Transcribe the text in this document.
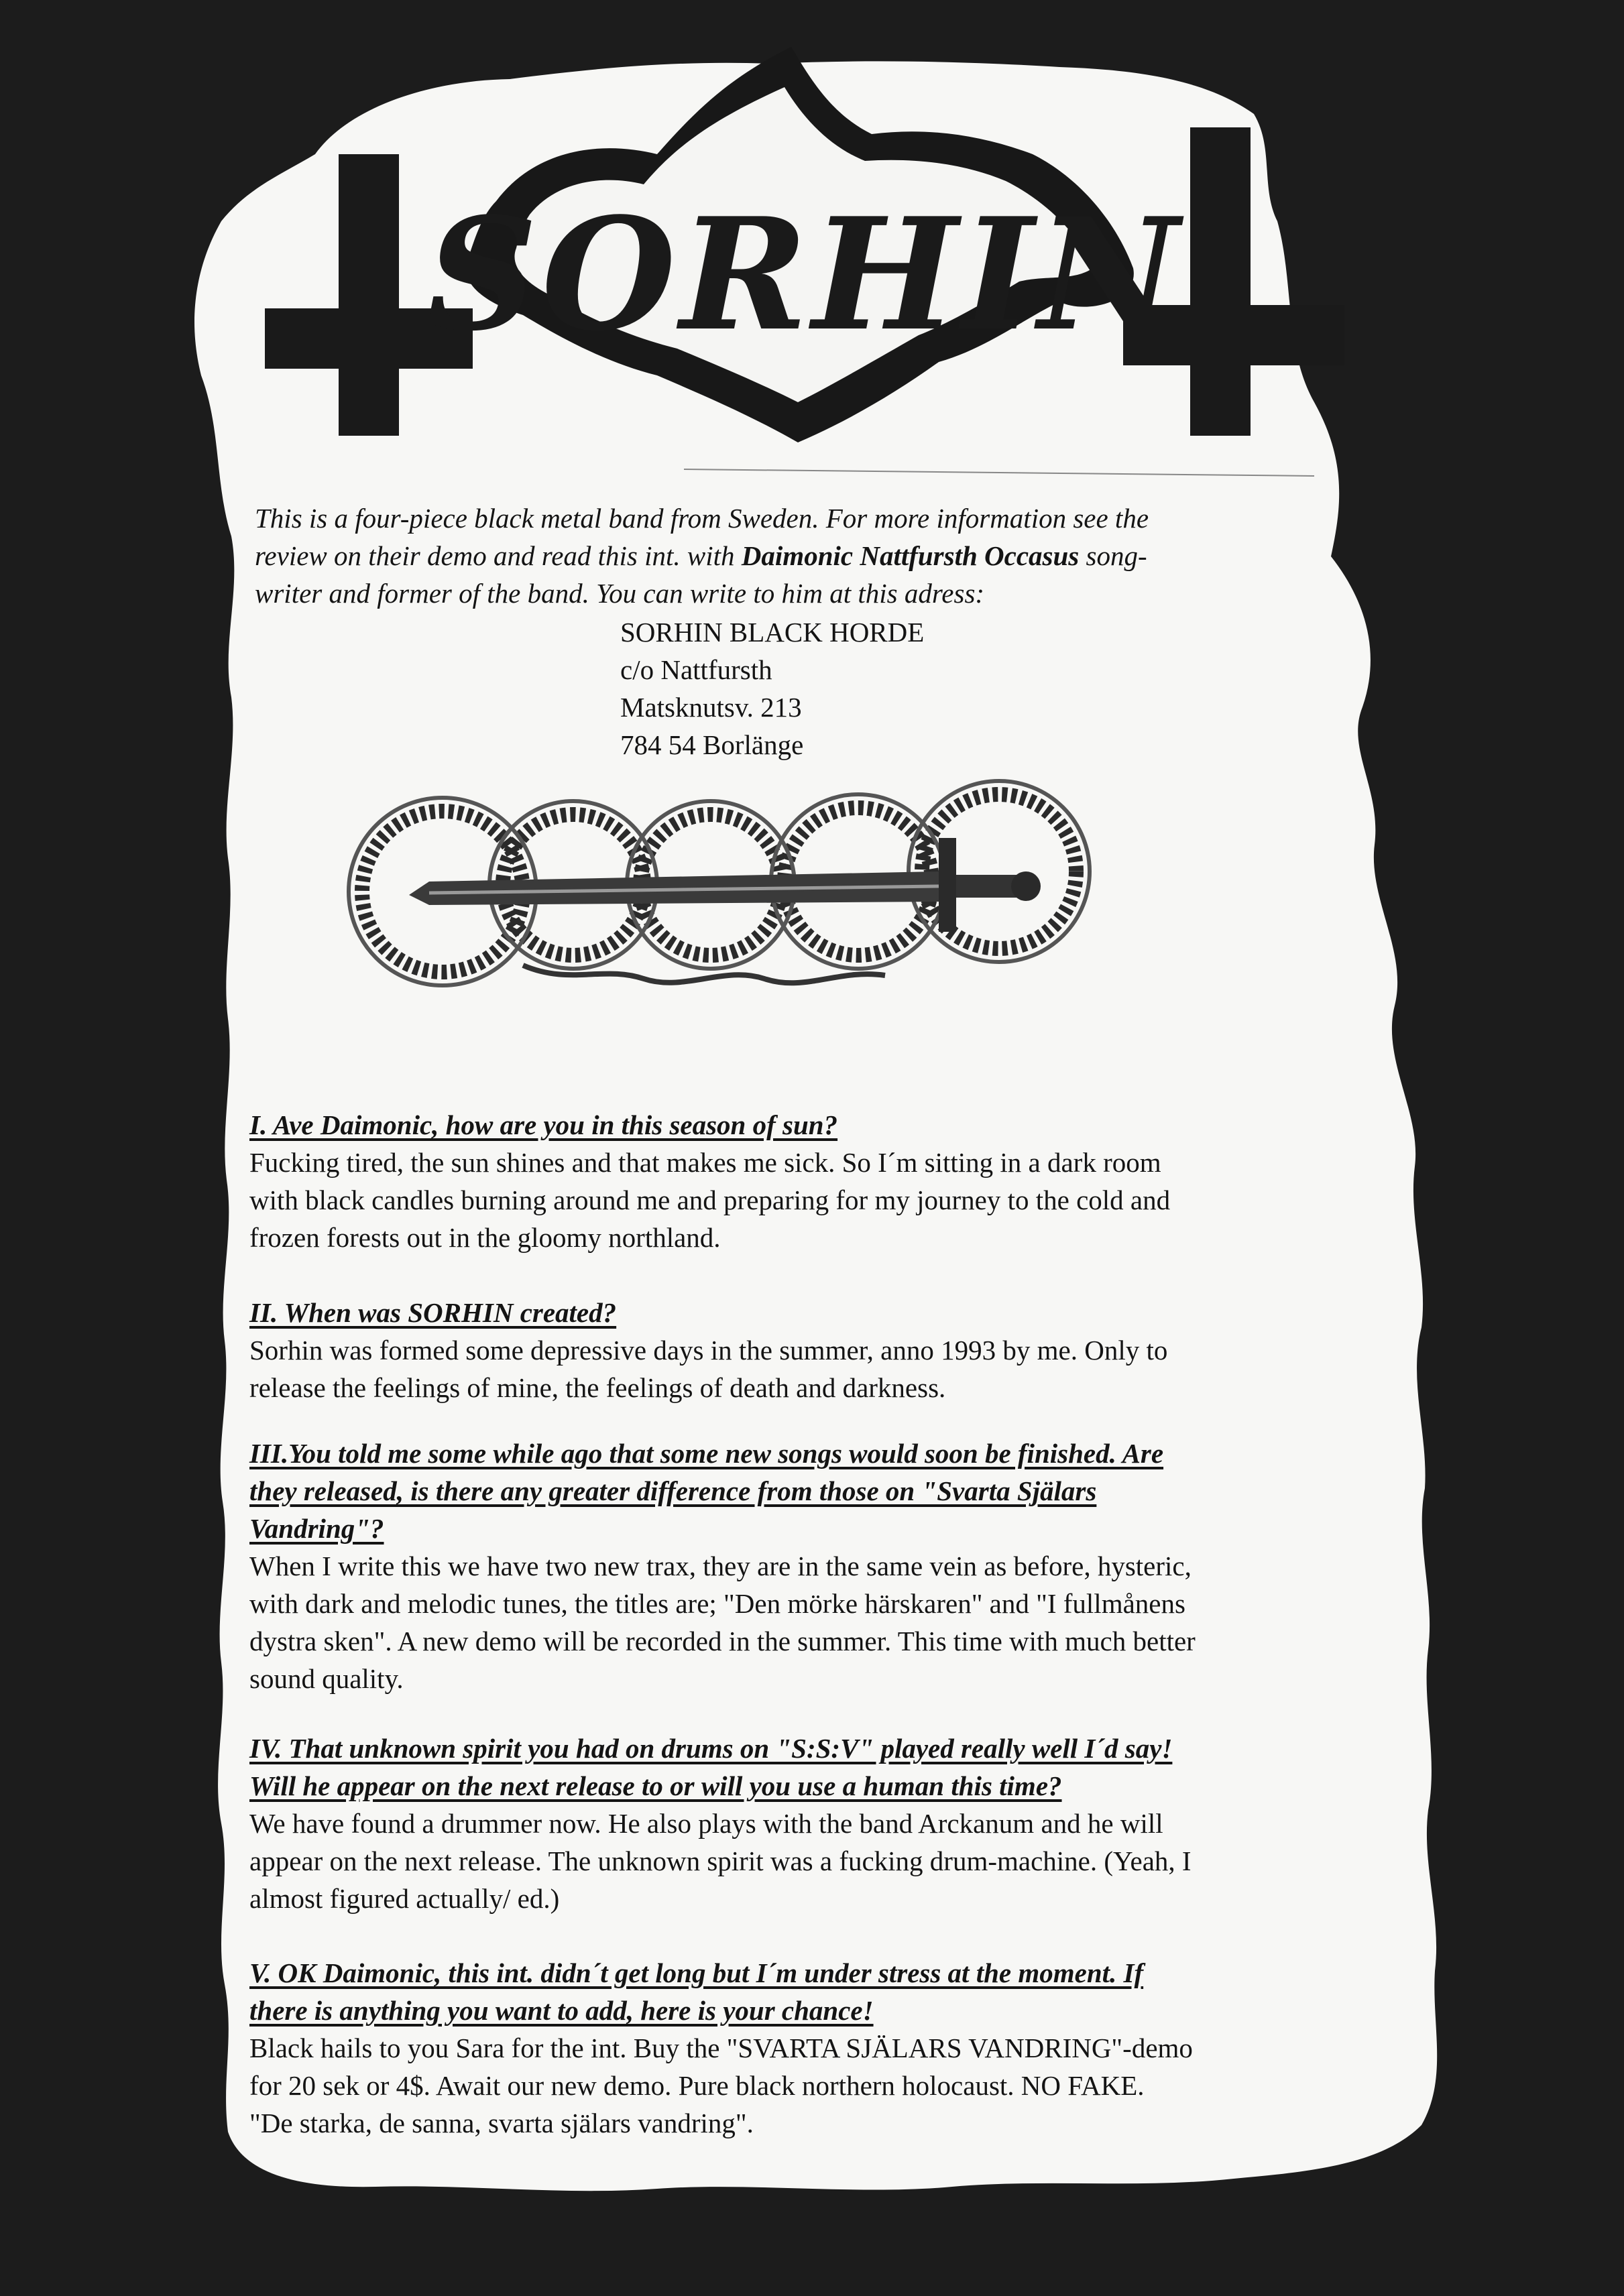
SORHIN
This is a four-piece black metal band from Sweden. For more information see the
review on their demo and read this int. with Daimonic Nattfursth Occasus song-
writer and former of the band. You can write to him at this adress:
SORHIN BLACK HORDE
c/o Nattfursth
Matsknutsv. 213
784 54 Borlänge
I. Ave Daimonic, how are you in this season of sun?
Fucking tired, the sun shines and that makes me sick. So I´m sitting in a dark room
with black candles burning around me and preparing for my journey to the cold and
frozen forests out in the gloomy northland.
II. When was SORHIN created?
Sorhin was formed some depressive days in the summer, anno 1993 by me. Only to
release the feelings of mine, the feelings of death and darkness.
III.You told me some while ago that some new songs would soon be finished. Are
they released, is there any greater difference from those on "Svarta Själars
Vandring"?
When I write this we have two new trax, they are in the same vein as before, hysteric,
with dark and melodic tunes, the titles are; "Den mörke härskaren" and "I fullmånens
dystra sken". A new demo will be recorded in the summer. This time with much better
sound quality.
IV. That unknown spirit you had on drums on "S:S:V" played really well I´d say!
Will he appear on the next release to or will you use a human this time?
We have found a drummer now. He also plays with the band Arckanum and he will
appear on the next release. The unknown spirit was a fucking drum-machine. (Yeah, I
almost figured actually/ ed.)
V. OK Daimonic, this int. didn´t get long but I´m under stress at the moment. If
there is anything you want to add, here is your chance!
Black hails to you Sara for the int. Buy the "SVARTA SJÄLARS VANDRING"-demo
for 20 sek or 4$. Await our new demo. Pure black northern holocaust. NO FAKE.
"De starka, de sanna, svarta själars vandring".
